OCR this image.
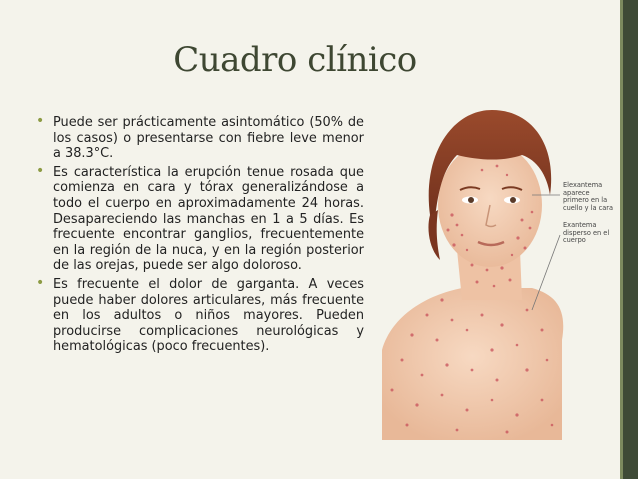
Cuadro clínico
• Puede ser prácticamente asintomático (50% de los casos) o presentarse con fiebre leve menor a 38.3°C.
• Es característica la erupción tenue rosada que comienza en cara y tórax generalizándose a todo el cuerpo en aproximadamente 24 horas. Desapareciendo las manchas en 1 a 5 días. Es frecuente encontrar ganglios, frecuentemente en la región de la nuca, y en la región posterior de las orejas, puede ser algo doloroso.
• Es frecuente el dolor de garganta. A veces puede haber dolores articulares, más frecuente en los adultos o niños mayores. Pueden producirse complicaciones neurológicas y hematológicas (poco frecuentes).
Elexantema aparece primero en la cuello y la cara
Exantema disperso en el cuerpo
